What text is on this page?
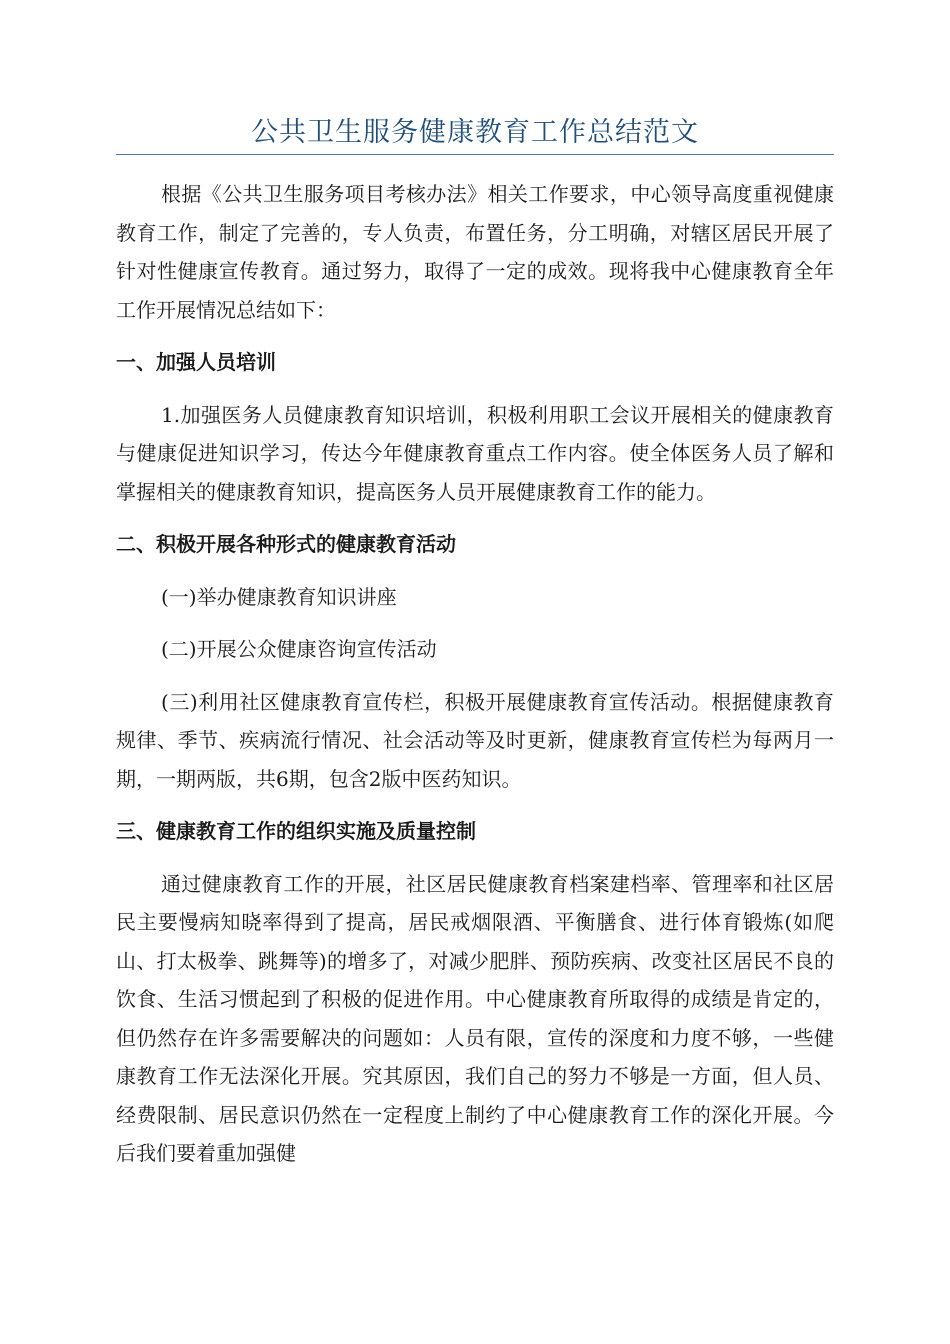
公共卫生服务健康教育工作总结范文

根据《公共卫生服务项目考核办法》相关工作要求，中心领导高度重视健康教育工作，制定了完善的，专人负责，布置任务，分工明确，对辖区居民开展了针对性健康宣传教育。通过努力，取得了一定的成效。现将我中心健康教育全年工作开展情况总结如下：

一、加强人员培训

1.加强医务人员健康教育知识培训，积极利用职工会议开展相关的健康教育与健康促进知识学习，传达今年健康教育重点工作内容。使全体医务人员了解和掌握相关的健康教育知识，提高医务人员开展健康教育工作的能力。

二、积极开展各种形式的健康教育活动

(一)举办健康教育知识讲座

(二)开展公众健康咨询宣传活动

(三)利用社区健康教育宣传栏，积极开展健康教育宣传活动。根据健康教育规律、季节、疾病流行情况、社会活动等及时更新，健康教育宣传栏为每两月一期，一期两版，共6期，包含2版中医药知识。

三、健康教育工作的组织实施及质量控制

通过健康教育工作的开展，社区居民健康教育档案建档率、管理率和社区居民主要慢病知晓率得到了提高，居民戒烟限酒、平衡膳食、进行体育锻炼(如爬山、打太极拳、跳舞等)的增多了，对减少肥胖、预防疾病、改变社区居民不良的饮食、生活习惯起到了积极的促进作用。中心健康教育所取得的成绩是肯定的，但仍然存在许多需要解决的问题如：人员有限，宣传的深度和力度不够，一些健康教育工作无法深化开展。究其原因，我们自己的努力不够是一方面，但人员、经费限制、居民意识仍然在一定程度上制约了中心健康教育工作的深化开展。今后我们要着重加强健
